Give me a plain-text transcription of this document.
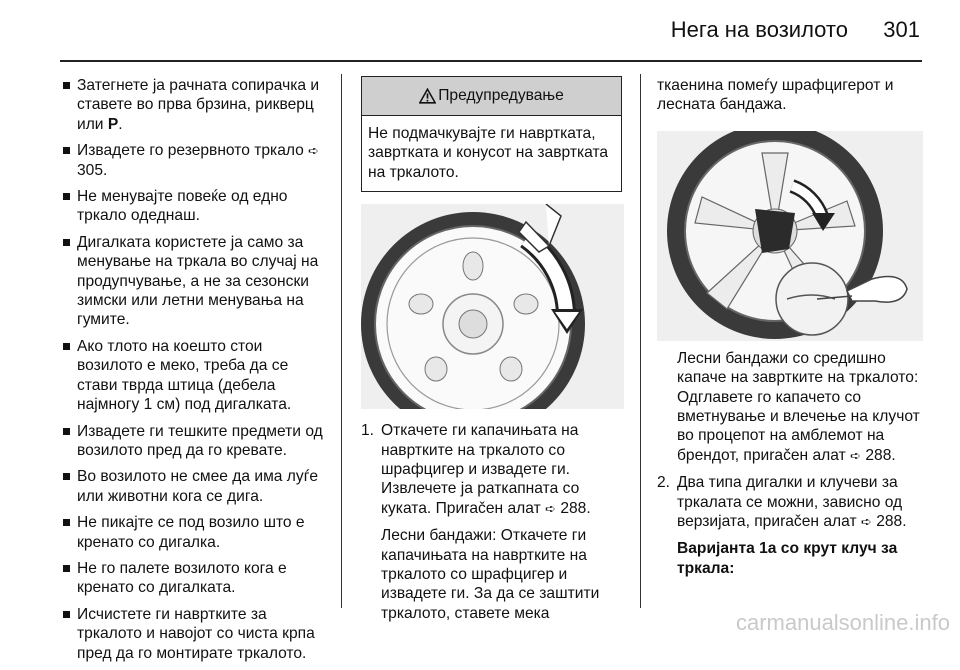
Нега на возилото 301
Затегнете ја рачната сопирачка и ставете во прва брзина, рикверц или P.
Извадете го резервното тркало ➪ 305.
Не менувајте повеќе од едно тркало одеднаш.
Дигалката користете ја само за менување на тркала во случај на продупчување, а не за сезонски зимски или летни менувања на гумите.
Ако тлото на коешто стои возилото е меко, треба да се стави тврда штица (дебела најмногу 1 см) под дигалката.
Извадете ги тешките предмети од возилото пред да го кревате.
Во возилото не смее да има луѓе или животни кога се дига.
Не пикајте се под возило што е кренато со дигалка.
Не го палете возилото кога е кренато со дигалката.
Исчистете ги навртките за тркалото и навојот со чиста крпа пред да го монтирате тркалото.
Предупредување
Не подмачкувајте ги навртката, завртката и конусот на завртката на тркалото.
1. Откачете ги капачињата на навртките на тркалото со шрафцигер и извадете ги. Извлечете ја раткапната со куката. Приračен алат ➪ 288.
Лесни бандажи: Откачете ги капачињата на навртките на тркалото со шрафцигер и извадете ги. За да се заштити тркалото, ставете мека
ткаенина помеѓу шрафцигерот и лесната бандажа.
Лесни бандажи со средишно капаче на завртките на тркалото: Одглавете го капачето со вметнување и влечење на клучот во процепот на амблемот на брендот, приračен алат ➪ 288.
2. Два типа дигалки и клучеви за тркалата се можни, зависно од верзијата, приračен алат ➪ 288.
Варијанта 1а со крут клуч за тркала:
carmanualsonline.info
